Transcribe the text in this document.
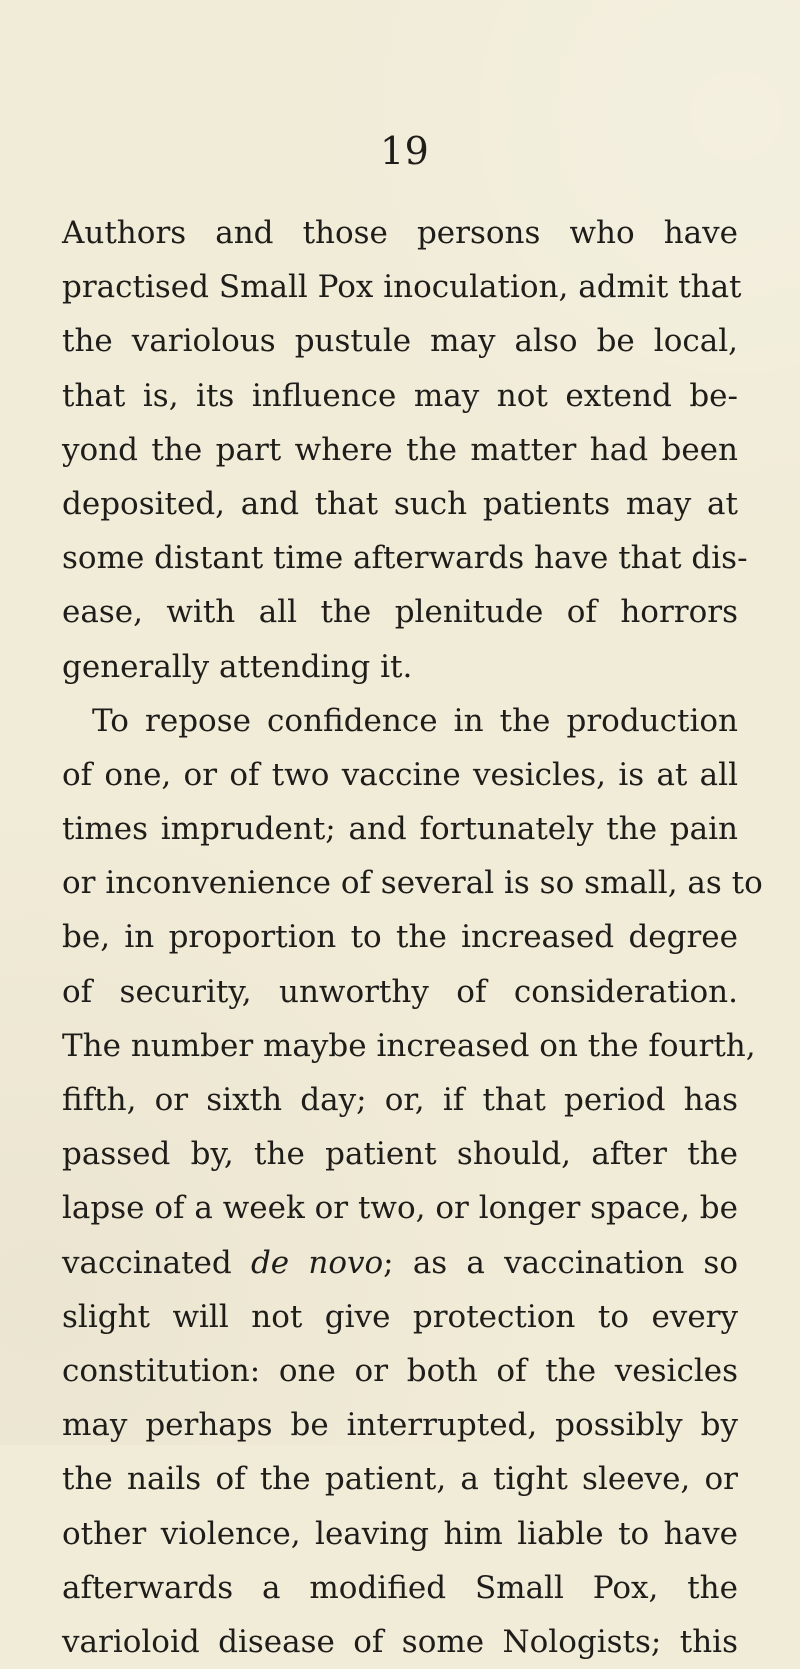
19
Authors and those persons who have
practised Small Pox inoculation, admit that
the variolous pustule may also be local,
that is, its influence may not extend be-
yond the part where the matter had been
deposited, and that such patients may at
some distant time afterwards have that dis-
ease, with all the plenitude of horrors
generally attending it.
To repose confidence in the production
of one, or of two vaccine vesicles, is at all
times imprudent; and fortunately the pain
or inconvenience of several is so small, as to
be, in proportion to the increased degree
of security, unworthy of consideration.
The number maybe increased on the fourth,
fifth, or sixth day; or, if that period has
passed by, the patient should, after the
lapse of a week or two, or longer space, be
vaccinated de novo; as a vaccination so
slight will not give protection to every
constitution: one or both of the vesicles
may perhaps be interrupted, possibly by
the nails of the patient, a tight sleeve, or
other violence, leaving him liable to have
afterwards a modified Small Pox, the
varioloid disease of some Nologists; this
